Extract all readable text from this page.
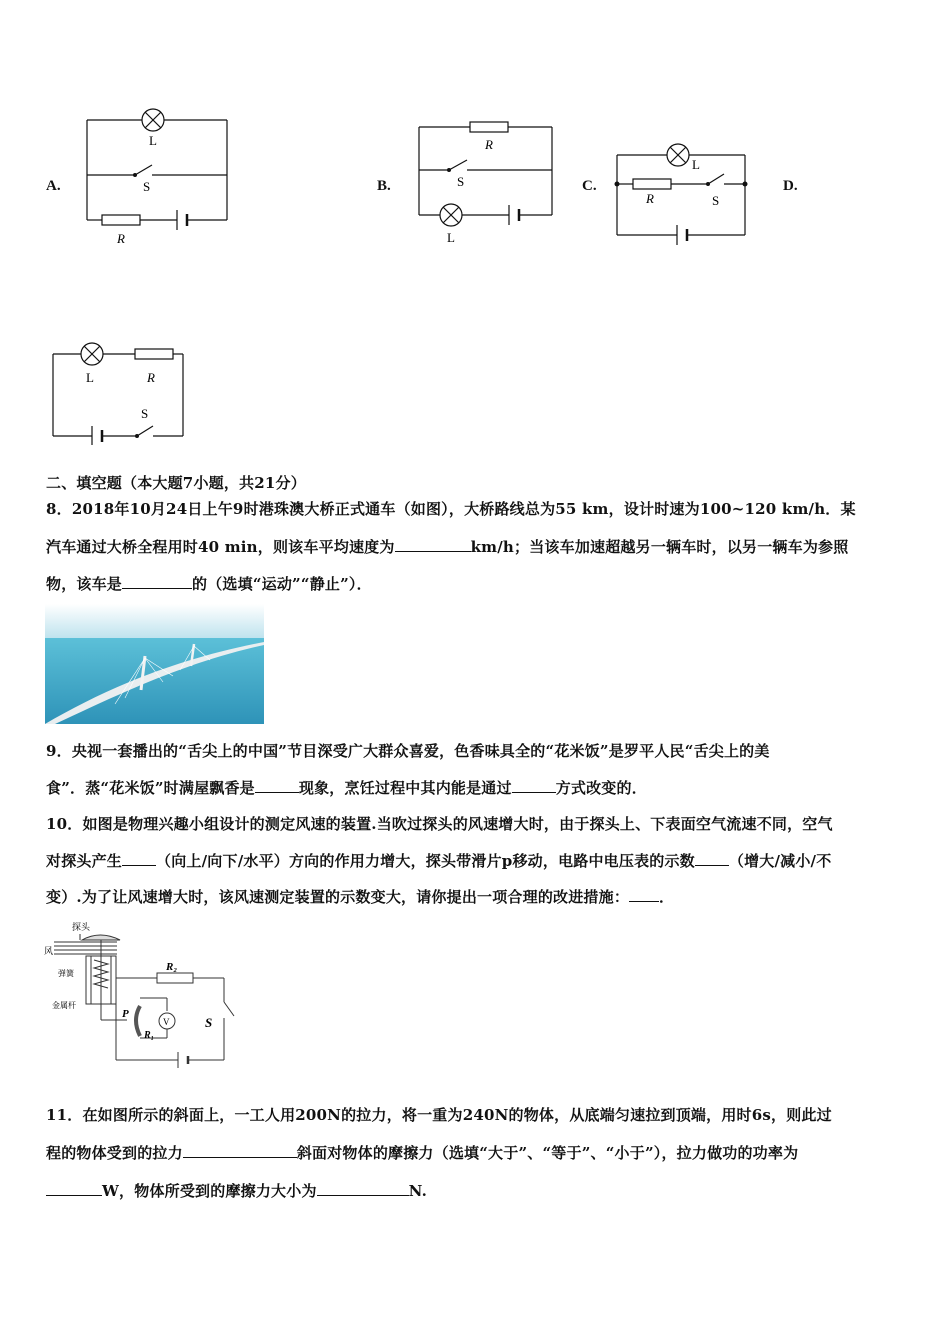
A.
L
S
R
B.
R
S
L
C.
L
R	S
D.
L	R
S
二、填空题（本大题7小题，共21分）
8．2018年10月24日上午9时港珠澳大桥正式通车（如图），大桥路线总为55 km，设计时速为100~120 km/h．某
汽车通过大桥全程用时40 min，则该车平均速度为	km/h；当该车加速超越另一辆车时，以另一辆车为参照
物，该车是	的（选填“运动”“静止”）．
9．央视一套播出的“舌尖上的中国”节目深受广大群众喜爱，色香味具全的“花米饭”是罗平人民“舌尖上的美
食”．蒸“花米饭”时满屋飘香是	现象，烹饪过程中其内能是通过	方式改变的．
10．如图是物理兴趣小组设计的测定风速的装置.当吹过探头的风速增大时，由于探头上、下表面空气流速不同，空气
对探头产生 （向上/向下/水平）方向的作用力增大，探头带滑片p移动，电路中电压表的示数 （增大/减小/不
变）.为了让风速增大时，该风速测定装置的示数变大，请你提出一项合理的改进措施： ．
探头
风
弹簧
金属杆
R₂
P
R₁
V	S
11．在如图所示的斜面上，一工人用200N的拉力，将一重为240N的物体，从底端匀速拉到顶端，用时6s，则此过
程的物体受到的拉力	斜面对物体的摩擦力（选填“大于”、“等于”、“小于”），拉力做功的功率为
W，物体所受到的摩擦力大小为	N.
